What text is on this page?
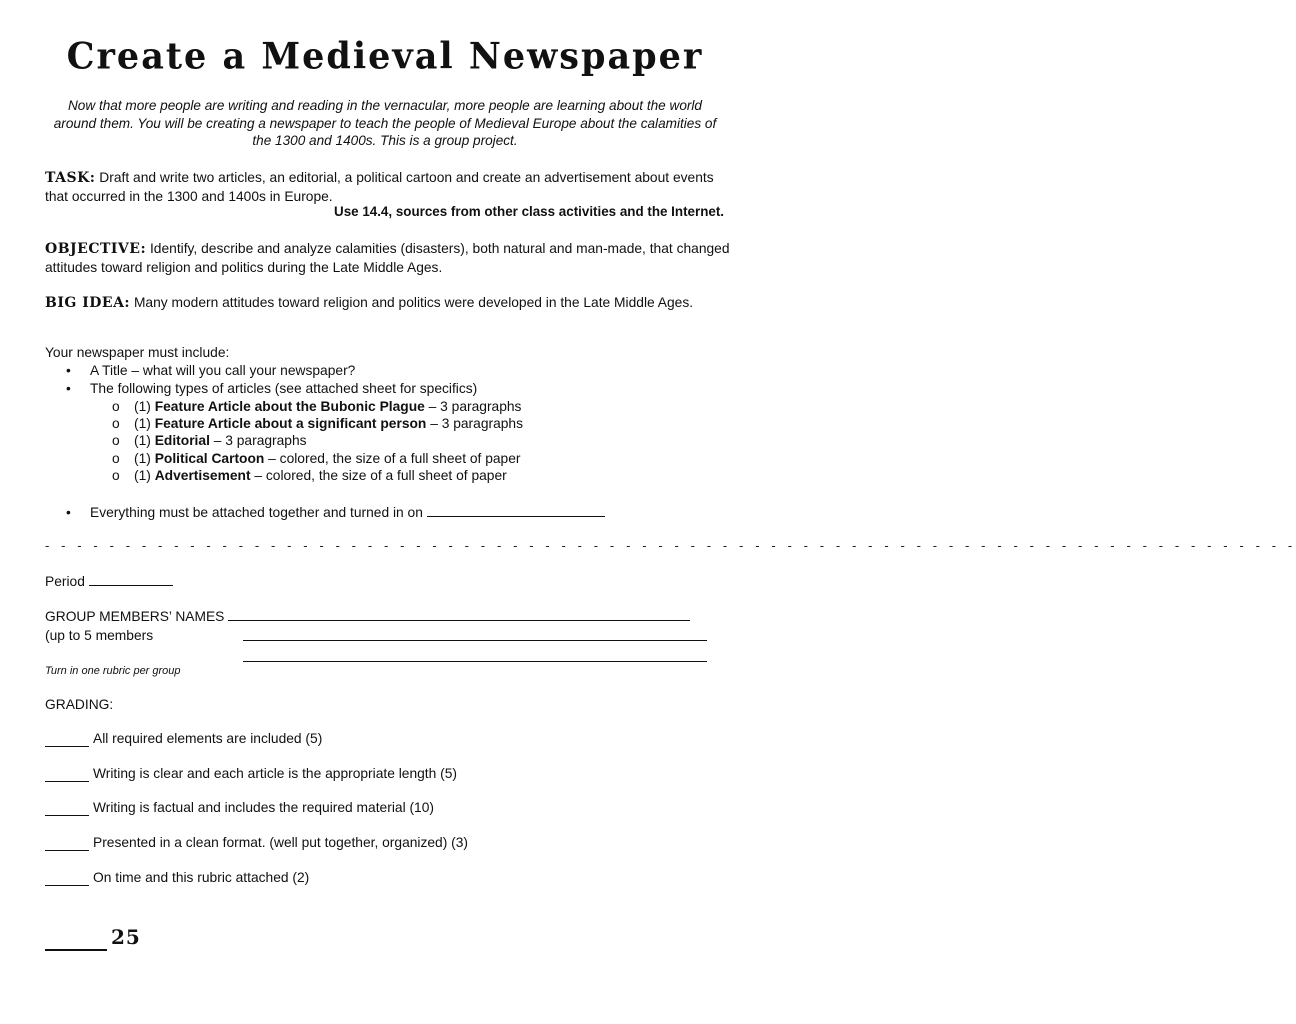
Create a Medieval Newspaper
Now that more people are writing and reading in the vernacular, more people are learning about the world around them. You will be creating a newspaper to teach the people of Medieval Europe about the calamities of the 1300 and 1400s. This is a group project.
TASK: Draft and write two articles, an editorial, a political cartoon and create an advertisement about events that occurred in the 1300 and 1400s in Europe.
Use 14.4, sources from other class activities and the Internet.
OBJECTIVE: Identify, describe and analyze calamities (disasters), both natural and man-made, that changed attitudes toward religion and politics during the Late Middle Ages.
BIG IDEA: Many modern attitudes toward religion and politics were developed in the Late Middle Ages.
Your newspaper must include:
• A Title – what will you call your newspaper?
• The following types of articles (see attached sheet for specifics)
o (1) Feature Article about the Bubonic Plague – 3 paragraphs
o (1) Feature Article about a significant person – 3 paragraphs
o (1) Editorial – 3 paragraphs
o (1) Political Cartoon – colored, the size of a full sheet of paper
o (1) Advertisement – colored, the size of a full sheet of paper
• Everything must be attached together and turned in on
- - - - - - - - - - - - - - - - - - - - - - - - - - - - - - - - - - - - - - - - - - - - - - - - - - - - - - - - - - - - - - - - - - - - - - - - - - - - - -
Period
GROUP MEMBERS’ NAMES
(up to 5 members
Turn in one rubric per group
GRADING:
All required elements are included (5)
Writing is clear and each article is the appropriate length (5)
Writing is factual and includes the required material (10)
Presented in a clean format. (well put together, organized) (3)
On time and this rubric attached (2)
25
